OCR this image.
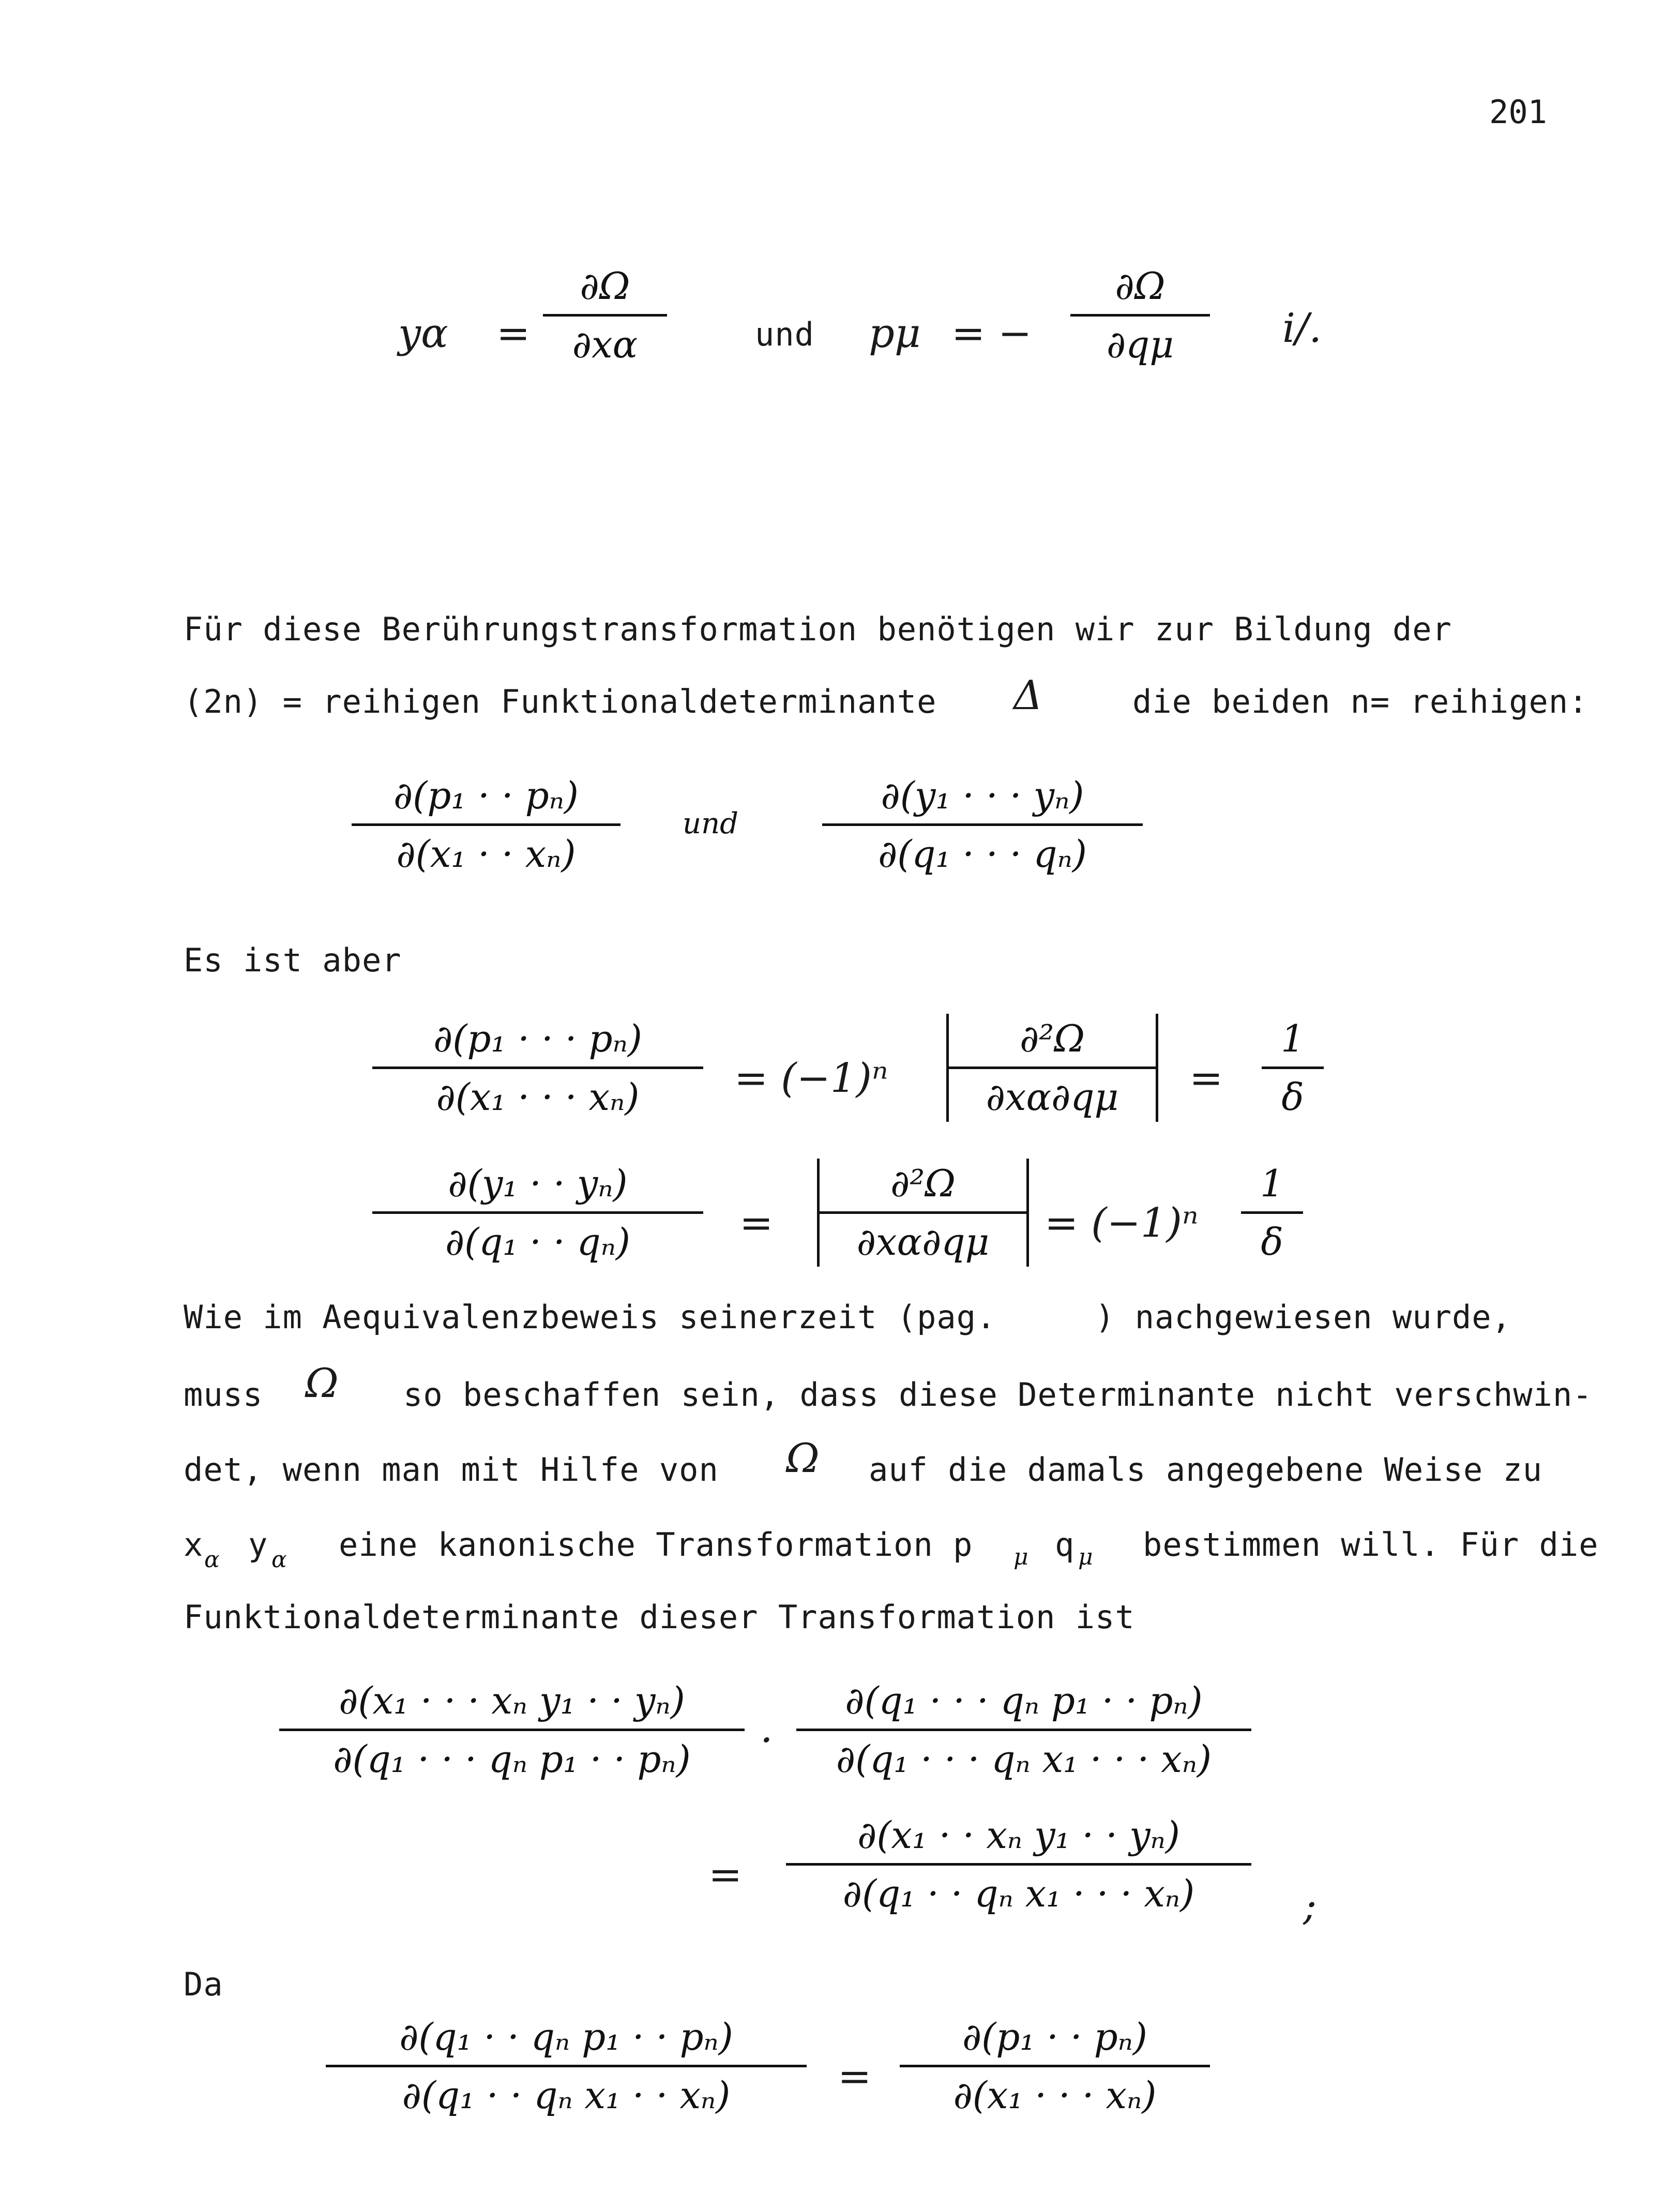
201
yα =
∂Ω
∂xα	und pμ = −
∂Ω
∂qμ	i/.
Für diese Berührungstransformation benötigen wir zur Bildung der
(2n) = reihigen Funktionaldeterminante Δ	die beiden n= reihigen:
∂(p₁ · · pₙ)
∂(x₁ · · xₙ)
und
∂(y₁ · · · yₙ)
∂(q₁ · · · qₙ)
Es ist aber
∂(p₁ · · · pₙ)
∂(x₁ · · · xₙ)	= (−1)ⁿ
∂²Ω
∂xα∂qμ	=
1
δ
∂(y₁ · · yₙ)
∂(q₁ · · qₙ)	=
∂²Ω
∂xα∂qμ	= (−1)ⁿ
1
δ
Wie im Aequivalenzbeweis seinerzeit (pag.     ) nachgewiesen wurde,
muss Ω so beschaffen sein, dass diese Determinante nicht verschwin-
det, wenn man mit Hilfe von Ω auf die damals angegebene Weise zu
x α y α eine kanonische Transformation p μ q μ bestimmen will. Für die
Funktionaldeterminante dieser Transformation ist
∂(x₁ · · · xₙ y₁ · · yₙ)
∂(q₁ · · · qₙ p₁ · · pₙ)	·
∂(q₁ · · · qₙ p₁ · · pₙ)
∂(q₁ · · · qₙ x₁ · · · xₙ)
=
∂(x₁ · · xₙ y₁ · · yₙ)
∂(q₁ · · qₙ x₁ · · · xₙ)	;
Da
∂(q₁ · · qₙ p₁ · · pₙ)
∂(q₁ · · qₙ x₁ · · xₙ)	=
∂(p₁ · · pₙ)
∂(x₁ · · · xₙ)
